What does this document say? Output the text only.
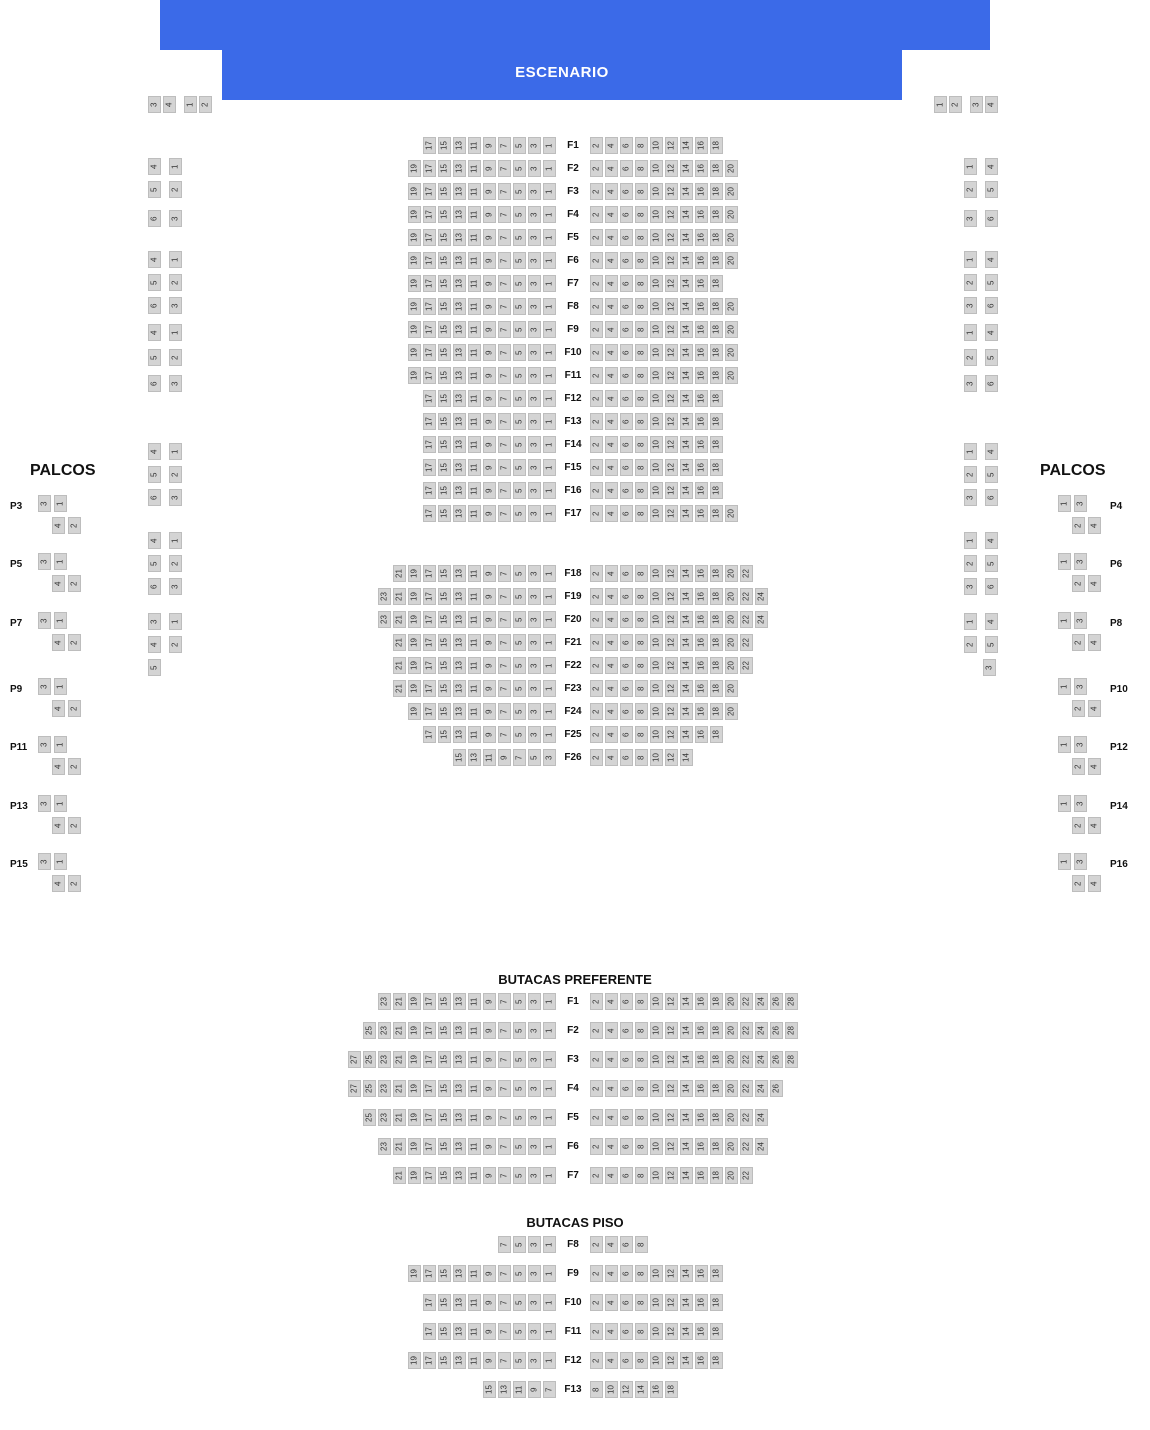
ESCENARIO
PALCOS	PALCOS
BUTACAS PREFERENTE
BUTACAS PISO
17 15 13 11 9 7 5 3 1	F1	2 4 6 8 10 12 14 16 18
19 17 15 13 11 9 7 5 3 1	F2	2 4 6 8 10 12 14 16 18 20
19 17 15 13 11 9 7 5 3 1	F3	2 4 6 8 10 12 14 16 18 20
19 17 15 13 11 9 7 5 3 1	F4	2 4 6 8 10 12 14 16 18 20
19 17 15 13 11 9 7 5 3 1	F5	2 4 6 8 10 12 14 16 18 20
19 17 15 13 11 9 7 5 3 1	F6	2 4 6 8 10 12 14 16 18 20
19 17 15 13 11 9 7 5 3 1	F7	2 4 6 8 10 12 14 16 18
19 17 15 13 11 9 7 5 3 1	F8	2 4 6 8 10 12 14 16 18 20
19 17 15 13 11 9 7 5 3 1	F9	2 4 6 8 10 12 14 16 18 20
19 17 15 13 11 9 7 5 3 1	F10	2 4 6 8 10 12 14 16 18 20
19 17 15 13 11 9 7 5 3 1	F11	2 4 6 8 10 12 14 16 18 20
17 15 13 11 9 7 5 3 1	F12	2 4 6 8 10 12 14 16 18
17 15 13 11 9 7 5 3 1	F13	2 4 6 8 10 12 14 16 18
17 15 13 11 9 7 5 3 1	F14	2 4 6 8 10 12 14 16 18
17 15 13 11 9 7 5 3 1	F15	2 4 6 8 10 12 14 16 18
17 15 13 11 9 7 5 3 1	F16	2 4 6 8 10 12 14 16 18
17 15 13 11 9 7 5 3 1	F17	2 4 6 8 10 12 14 16 18 20
21 19 17 15 13 11 9 7 5 3 1	F18	2 4 6 8 10 12 14 16 18 20 22
23 21 19 17 15 13 11 9 7 5 3 1	F19	2 4 6 8 10 12 14 16 18 20 22 24
23 21 19 17 15 13 11 9 7 5 3 1	F20	2 4 6 8 10 12 14 16 18 20 22 24
21 19 17 15 13 11 9 7 5 3 1	F21	2 4 6 8 10 12 14 16 18 20 22
21 19 17 15 13 11 9 7 5 3 1	F22	2 4 6 8 10 12 14 16 18 20 22
21 19 17 15 13 11 9 7 5 3 1	F23	2 4 6 8 10 12 14 16 18 20
19 17 15 13 11 9 7 5 3 1	F24	2 4 6 8 10 12 14 16 18 20
17 15 13 11 9 7 5 3 1	F25	2 4 6 8 10 12 14 16 18
15 13 11 9 7 5 3	F26	2 4 6 8 10 12 14
23 21 19 17 15 13 11 9 7 5 3 1	F1	2 4 6 8 10 12 14 16 18 20 22 24 26 28
25 23 21 19 17 15 13 11 9 7 5 3 1	F2	2 4 6 8 10 12 14 16 18 20 22 24 26 28
27 25 23 21 19 17 15 13 11 9 7 5 3 1	F3	2 4 6 8 10 12 14 16 18 20 22 24 26 28
27 25 23 21 19 17 15 13 11 9 7 5 3 1	F4	2 4 6 8 10 12 14 16 18 20 22 24 26
25 23 21 19 17 15 13 11 9 7 5 3 1	F5	2 4 6 8 10 12 14 16 18 20 22 24
23 21 19 17 15 13 11 9 7 5 3 1	F6	2 4 6 8 10 12 14 16 18 20 22 24
21 19 17 15 13 11 9 7 5 3 1	F7	2 4 6 8 10 12 14 16 18 20 22
7 5 3 1	F8	2 4 6 8
19 17 15 13 11 9 7 5 3 1	F9	2 4 6 8 10 12 14 16 18
17 15 13 11 9 7 5 3 1	F10	2 4 6 8 10 12 14 16 18
17 15 13 11 9 7 5 3 1	F11	2 4 6 8 10 12 14 16 18
19 17 15 13 11 9 7 5 3 1	F12	2 4 6 8 10 12 14 16 18
15 13 11 9 7	F13	8 10 12 14 16 18
3 4	1 2
4	1
5	2
6	3
4	1
5	2
6	3
4	1
5	2
6	3
4	1
5	2
6	3
4	1
5	2
6	3
3	1
4	2
5
1 2	3 4
1	4
2	5
3	6
1	4
2	5
3	6
1	4
2	5
3	6
1	4
2	5
3	6
1	4
2	5
3	6
1	4
2	5
3
3 1
4 2
P3
3 1
4 2
P5
3 1
4 2
P7
3 1
4 2
P9
3 1
4 2
P11
3 1
4 2
P13
3 1
4 2
P15
1 3
2 4
P4
1 3
2 4
P6
1 3
2 4
P8
1 3
2 4
P10
1 3
2 4
P12
1 3
2 4
P14
1 3
2 4
P16
